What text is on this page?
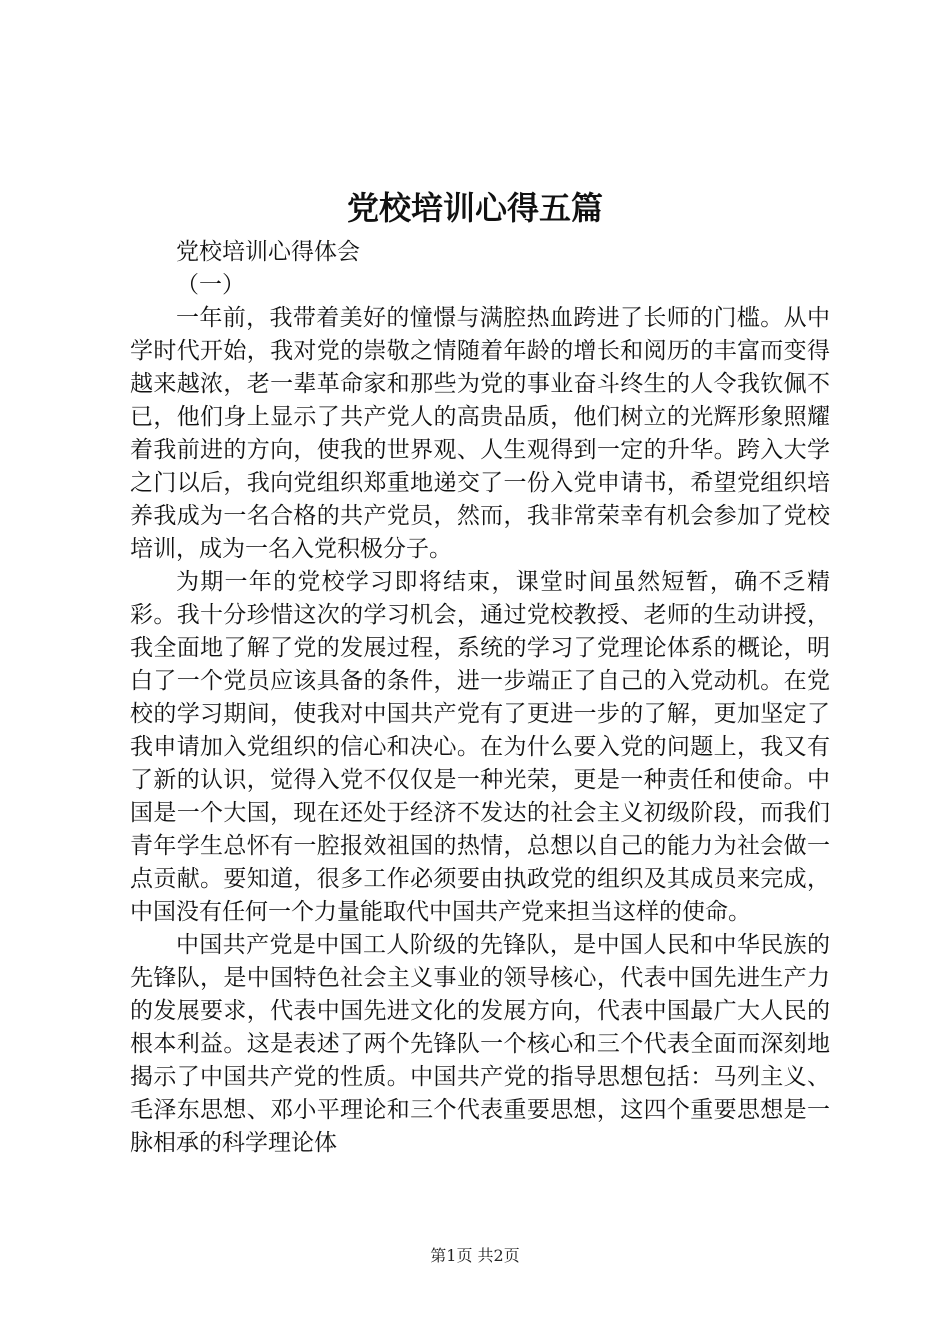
党校培训心得五篇

党校培训心得体会

（一）

一年前，我带着美好的憧憬与满腔热血跨进了长师的门槛。从中学时代开始，我对党的崇敬之情随着年龄的增长和阅历的丰富而变得越来越浓，老一辈革命家和那些为党的事业奋斗终生的人令我钦佩不已，他们身上显示了共产党人的高贵品质，他们树立的光辉形象照耀着我前进的方向，使我的世界观、人生观得到一定的升华。跨入大学之门以后，我向党组织郑重地递交了一份入党申请书，希望党组织培养我成为一名合格的共产党员，然而，我非常荣幸有机会参加了党校培训，成为一名入党积极分子。

为期一年的党校学习即将结束，课堂时间虽然短暂，确不乏精彩。我十分珍惜这次的学习机会，通过党校教授、老师的生动讲授，我全面地了解了党的发展过程，系统的学习了党理论体系的概论，明白了一个党员应该具备的条件，进一步端正了自己的入党动机。在党校的学习期间，使我对中国共产党有了更进一步的了解，更加坚定了我申请加入党组织的信心和决心。在为什么要入党的问题上，我又有了新的认识，觉得入党不仅仅是一种光荣，更是一种责任和使命。中国是一个大国，现在还处于经济不发达的社会主义初级阶段，而我们青年学生总怀有一腔报效祖国的热情，总想以自己的能力为社会做一点贡献。要知道，很多工作必须要由执政党的组织及其成员来完成，中国没有任何一个力量能取代中国共产党来担当这样的使命。

中国共产党是中国工人阶级的先锋队，是中国人民和中华民族的先锋队，是中国特色社会主义事业的领导核心，代表中国先进生产力的发展要求，代表中国先进文化的发展方向，代表中国最广大人民的根本利益。这是表述了两个先锋队一个核心和三个代表全面而深刻地揭示了中国共产党的性质。中国共产党的指导思想包括：马列主义、毛泽东思想、邓小平理论和三个代表重要思想，这四个重要思想是一脉相承的科学理论体

第1页 共2页
